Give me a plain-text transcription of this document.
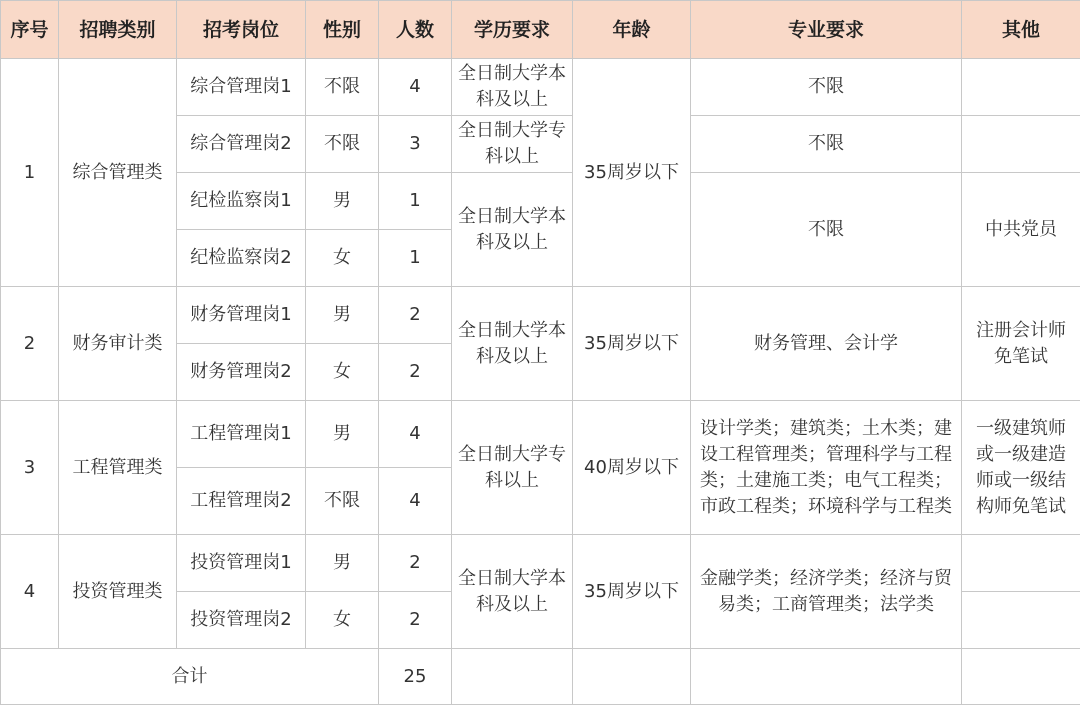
序号	招聘类别	招考岗位	性别	人数	学历要求	年龄	专业要求	其他
1	综合管理类	综合管理岗1	不限	4	全日制大学本科及以上	35周岁以下	不限	
		综合管理岗2	不限	3	全日制大学专科以上		不限	
		纪检监察岗1	男	1	全日制大学本科及以上		不限	中共党员
		纪检监察岗2	女	1				
2	财务审计类	财务管理岗1	男	2	全日制大学本科及以上	35周岁以下	财务管理、会计学	注册会计师免笔试
		财务管理岗2	女	2				
3	工程管理类	工程管理岗1	男	4	全日制大学专科以上	40周岁以下	设计学类；建筑类；土木类；建设工程管理类；管理科学与工程类；土建施工类；电气工程类；市政工程类；环境科学与工程类	一级建筑师或一级建造师或一级结构师免笔试
		工程管理岗2	不限	4				
4	投资管理类	投资管理岗1	男	2	全日制大学本科及以上	35周岁以下	金融学类；经济学类；经济与贸易类；工商管理类；法学类	
		投资管理岗2	女	2				
合计				25				
